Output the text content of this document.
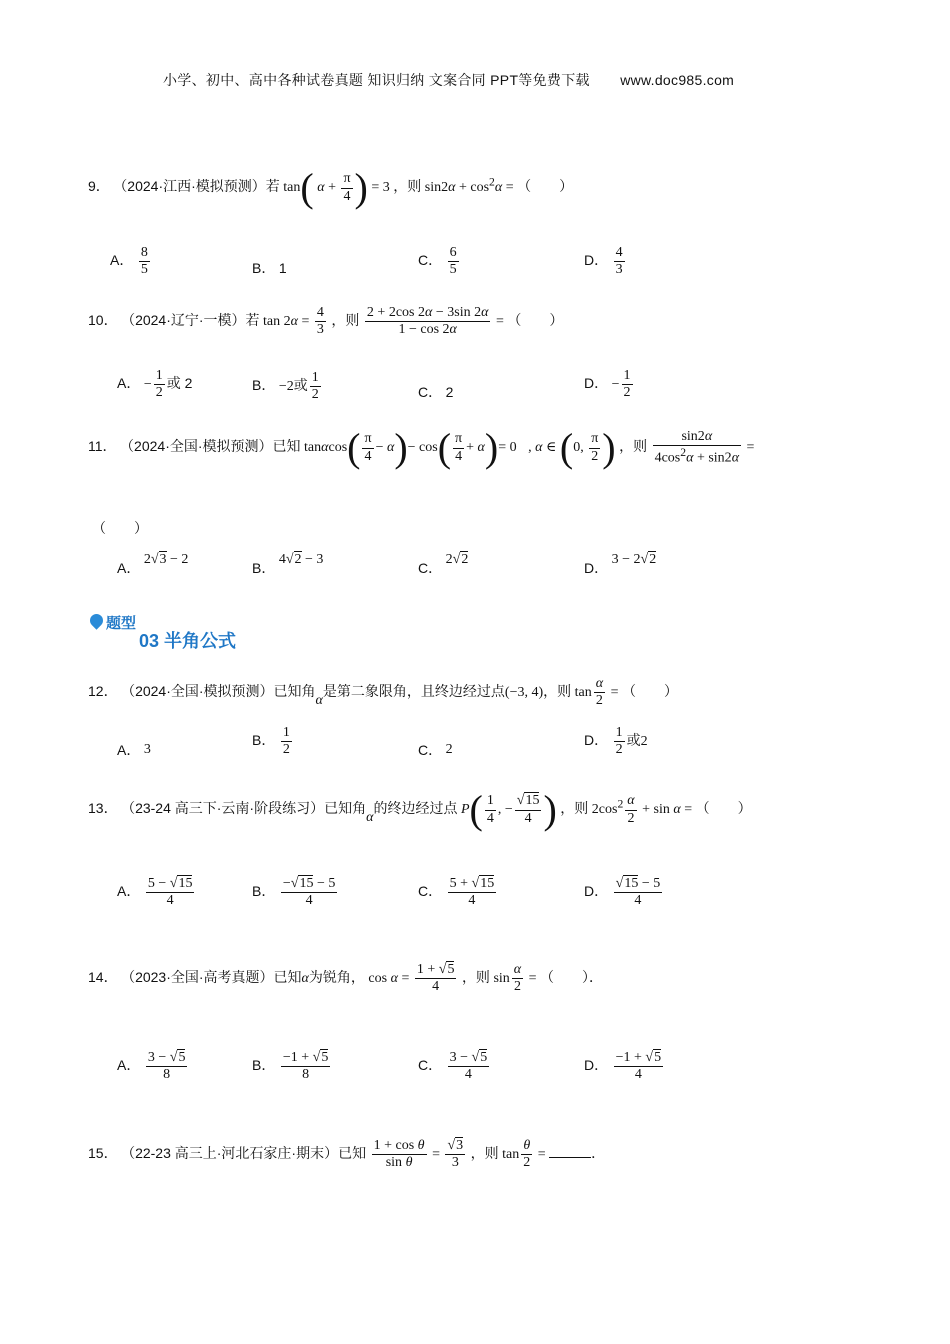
小学、初中、高中各种试卷真题 知识归纳 文案合同 PPT等免费下载 www.doc985.com
9． （2024·江西·模拟预测）若 tan( $\alpha + \frac{\pi}{4}$ ) = 3 ，则 $\sin 2\alpha + \cos^2\alpha$ = （　　）
A． $\frac{8}{5}$	B． 1
C． $\frac{6}{5}$	D． $\frac{4}{3}$
10． （2024·辽宁·一模）若 $\tan 2\alpha = \frac{4}{3}$ ，则 $\frac{2 + 2\cos 2\alpha - 3\sin 2\alpha}{1 - \cos 2\alpha}$ = （　　）
A． − $\frac{1}{2}$ 或 2	B． −2或 $\frac{1}{2}$	C． 2
D． − $\frac{1}{2}$
11． （2024·全国·模拟预测）已知 $\tan\alpha\cos( \frac{\pi}{4} - \alpha)- \cos( \frac{\pi}{4} + \alpha)= 0$ , α ∈ (0, $\frac{\pi}{2}$ ) ，则 $\frac{\sin 2\alpha}{4\cos^2\alpha + \sin 2\alpha}$ =
（　　）
A． 2√3 − 2
B． 4√2 − 3
C． 2√2
D． 3 − 2√2
题型
03 半角公式
12． （2024·全国·模拟预测）已知角α是第二象限角，且终边经过点(−3, 4)，则 $\tan \frac{\alpha}{2}$ = （　　）
A． 3
B． $\frac{1}{2}$	C． 2
D． $\frac{1}{2}$ 或2
13． （23-24 高三下·云南·阶段练习）已知角α的终边经过点 $P( \frac{1}{4}$ , − $\frac{√15}{4}$ ) ，则 $2\cos^2 \frac{\alpha}{2} + \sin \alpha$ = （　　）
A． $\frac{5 - √15}{4}$	B． $\frac{-√15 - 5}{4}$	C． $\frac{5 + √15}{4}$	D． $\frac{√15 - 5}{4}$
14． （2023·全国·高考真题）已知α为锐角， $\cos \alpha = \frac{1 + √5}{4}$ ，则 $\sin \frac{\alpha}{2}$ = （　　）．
A． $\frac{3 - √5}{8}$	B． $\frac{-1 + √5}{8}$	C． $\frac{3 - √5}{4}$	D． $\frac{-1 + √5}{4}$
15． （22-23 高三上·河北石家庄·期末）已知 $\frac{\text{1 + cos θ}}{\text{sin θ}} = \frac{√3}{3}$ ，则 $\tan \frac{\theta}{2}$ =	．
